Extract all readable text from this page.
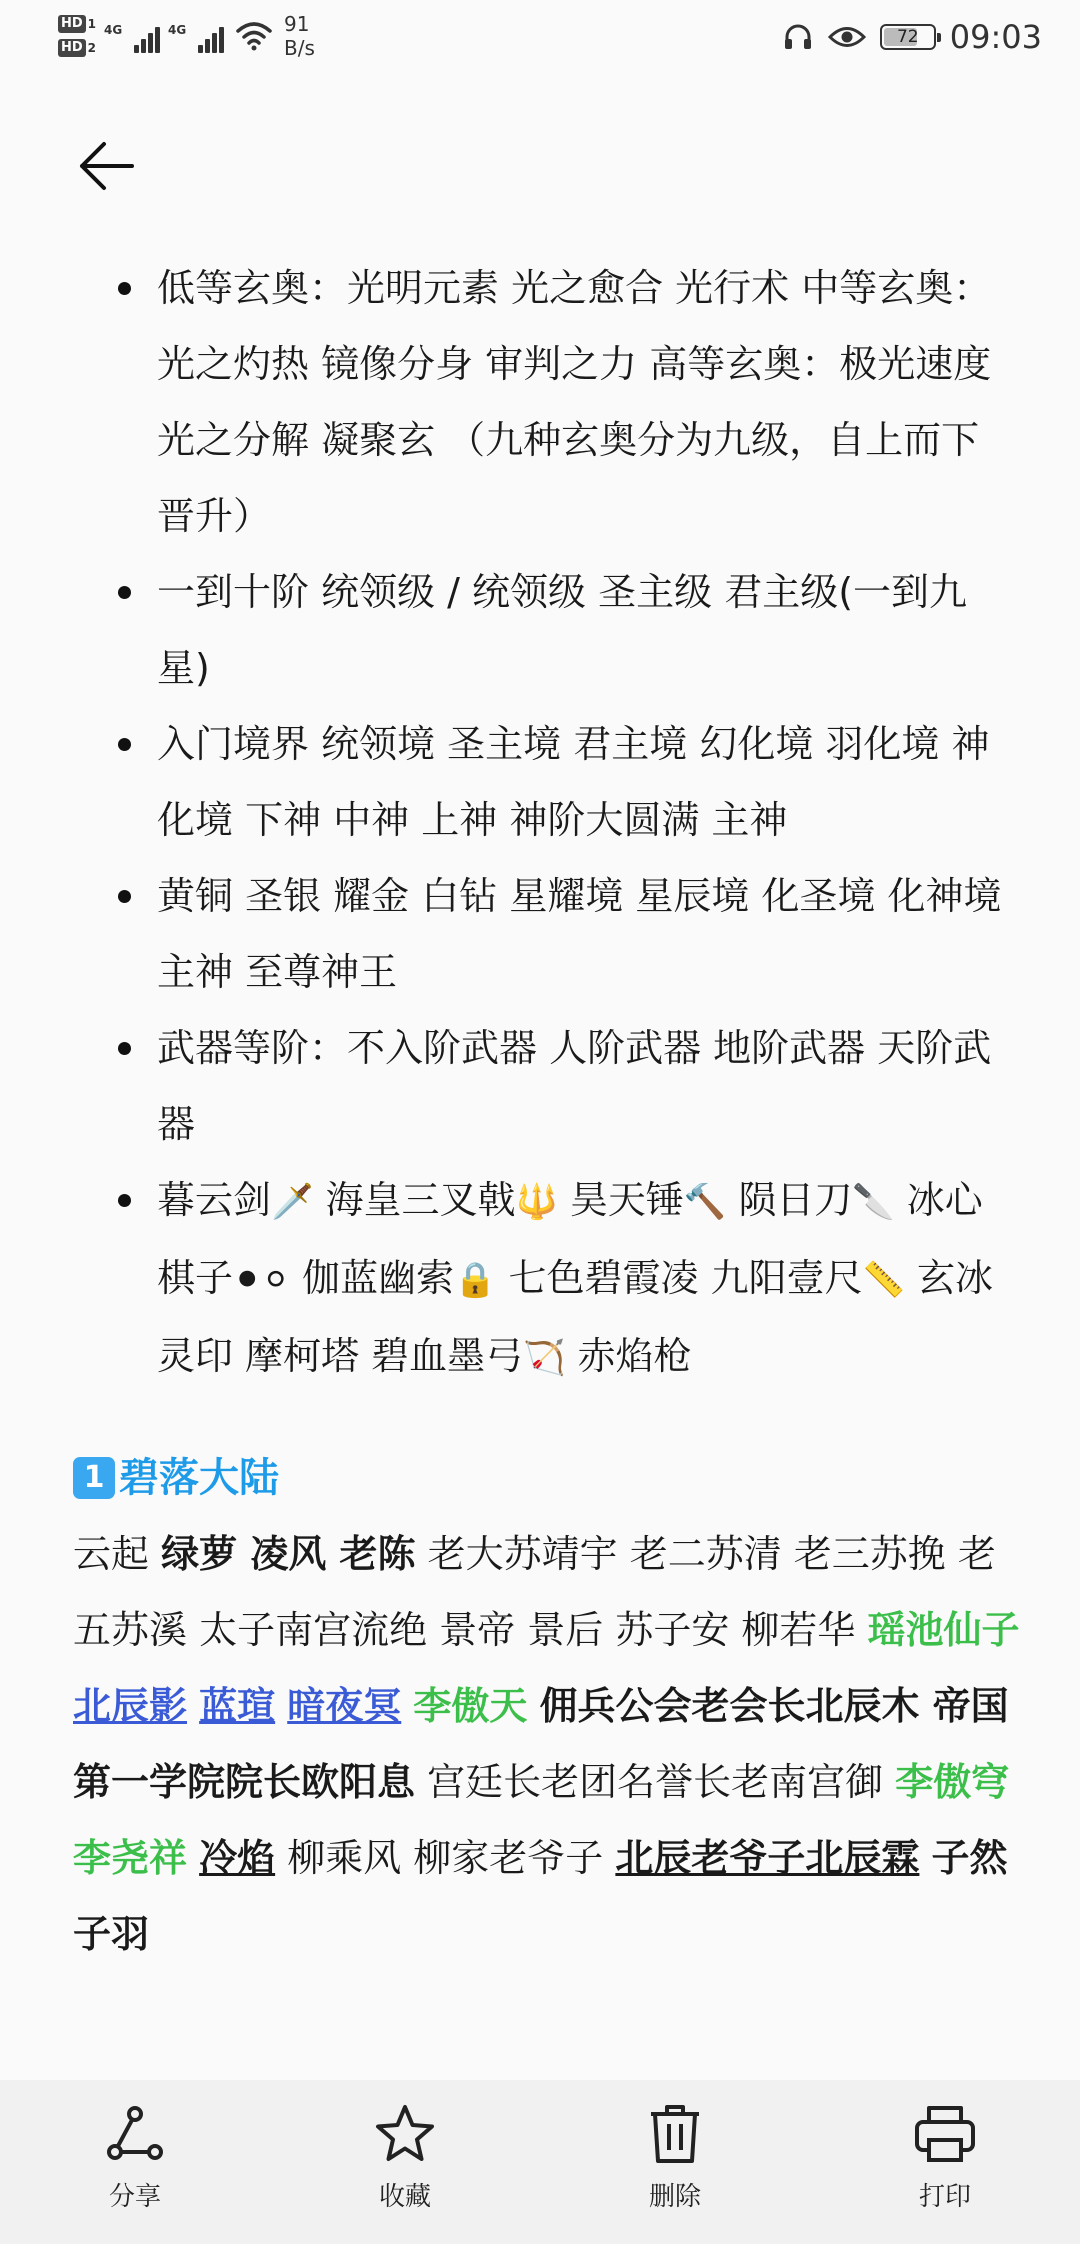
HD 1
HD 2
4G	4G	91
B/s	72 09:03
低等玄奥：光明元素 光之愈合 光行术 中等玄奥：光之灼热 镜像分身 审判之力 高等玄奥：极光速度 光之分解 凝聚玄 （九种玄奥分为九级，自上而下晋升）
一到十阶 统领级 / 统领级 圣主级 君主级(一到九星)
入门境界 统领境 圣主境 君主境 幻化境 羽化境 神化境 下神 中神 上神 神阶大圆满 主神
黄铜 圣银 耀金 白钻 星耀境 星辰境 化圣境 化神境 主神 至尊神王
武器等阶：不入阶武器 人阶武器 地阶武器 天阶武器
暮云剑🗡️ 海皇三叉戟🔱 昊天锤🔨 陨日刀🔪 冰心棋子⚫⚪ 伽蓝幽索🔒 七色碧霞凌 九阳壹尺📏 玄冰灵印 摩柯塔 碧血墨弓🏹 赤焰枪
1 碧落大陆

云起 绿萝 凌风 老陈 老大苏靖宇 老二苏清 老三苏挽 老五苏溪 太子南宫流绝 景帝 景后 苏子安 柳若华 瑶池仙子 北辰影 蓝瑄 暗夜冥 李傲天 佣兵公会老会长北辰木 帝国第一学院院长欧阳息 宫廷长老团名誉长老南宫御 李傲穹 李尧祥 冷焰 柳乘风 柳家老爷子 北辰老爷子北辰霖 子然 子羽

分享	收藏	删除	打印
